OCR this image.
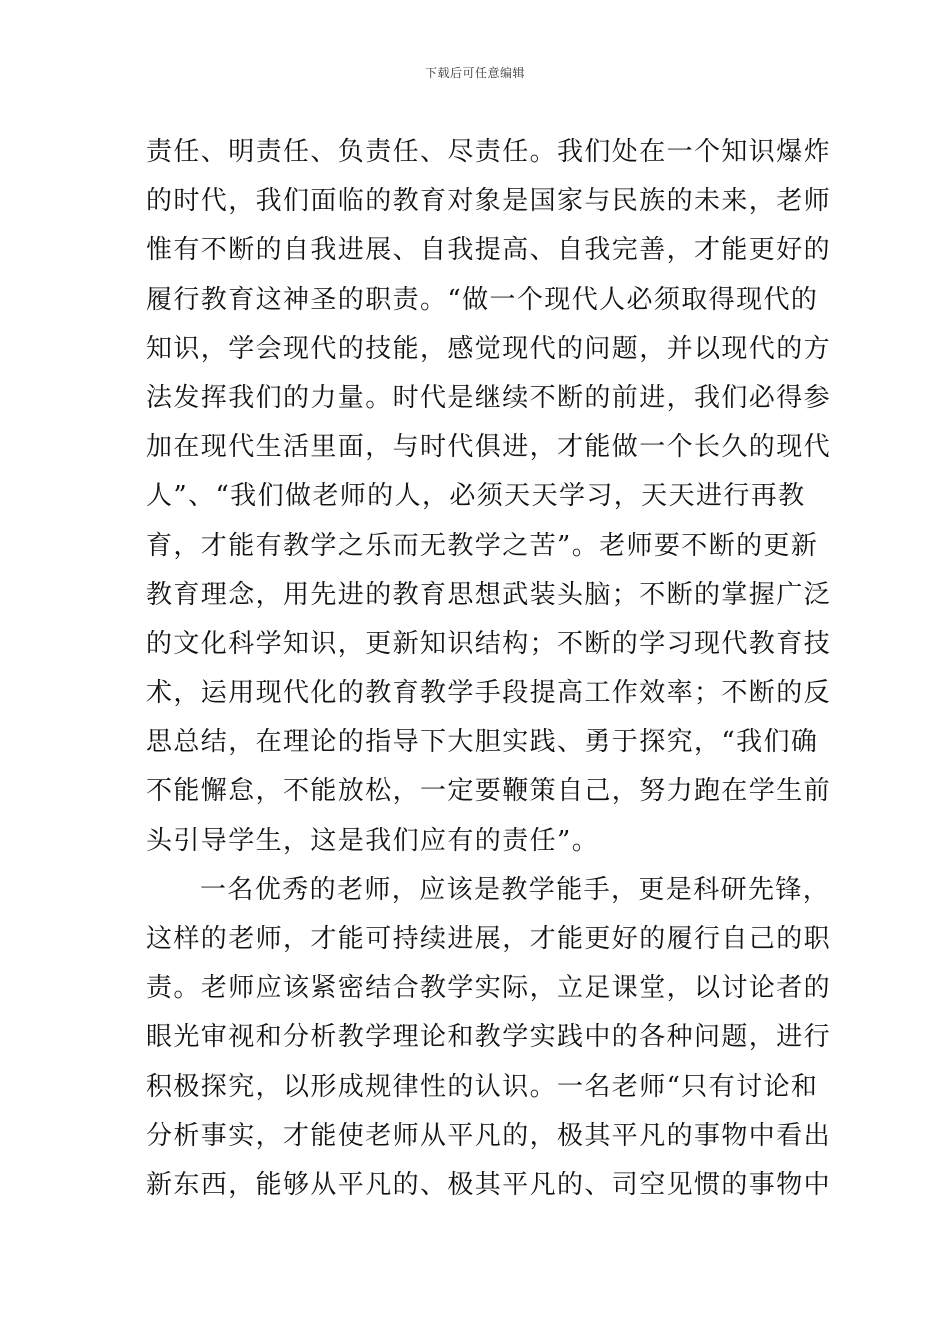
下载后可任意编辑
责任、明责任、负责任、尽责任。我们处在一个知识爆炸
的时代，我们面临的教育对象是国家与民族的未来，老师
惟有不断的自我进展、自我提高、自我完善，才能更好的
履行教育这神圣的职责。“做一个现代人必须取得现代的
知识，学会现代的技能，感觉现代的问题，并以现代的方
法发挥我们的力量。时代是继续不断的前进，我们必得参
加在现代生活里面，与时代俱进，才能做一个长久的现代
人”、“我们做老师的人，必须天天学习，天天进行再教
育，才能有教学之乐而无教学之苦”。老师要不断的更新
教育理念，用先进的教育思想武装头脑；不断的掌握广泛
的文化科学知识，更新知识结构；不断的学习现代教育技
术，运用现代化的教育教学手段提高工作效率；不断的反
思总结，在理论的指导下大胆实践、勇于探究，“我们确
不能懈怠，不能放松，一定要鞭策自己，努力跑在学生前
头引导学生，这是我们应有的责任”。
一名优秀的老师，应该是教学能手，更是科研先锋，
这样的老师，才能可持续进展，才能更好的履行自己的职
责。老师应该紧密结合教学实际，立足课堂，以讨论者的
眼光审视和分析教学理论和教学实践中的各种问题，进行
积极探究，以形成规律性的认识。一名老师“只有讨论和
分析事实，才能使老师从平凡的，极其平凡的事物中看出
新东西，能够从平凡的、极其平凡的、司空见惯的事物中
